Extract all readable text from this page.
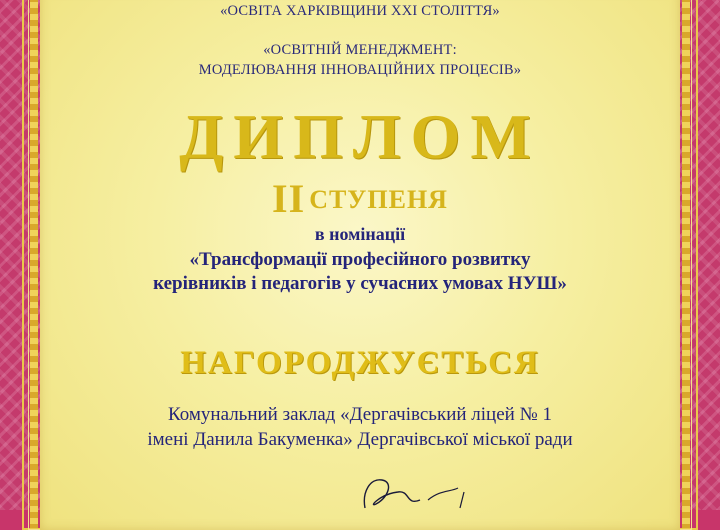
«ОСВІТА ХАРКІВЩИНИ ХХІ СТОЛІТТЯ»
«ОСВІТНІЙ МЕНЕДЖМЕНТ:
МОДЕЛЮВАННЯ ІННОВАЦІЙНИХ ПРОЦЕСІВ»
ДИПЛОМ
II СТУПЕНЯ
в номінації
«Трансформації професійного розвитку
керівників і педагогів у сучасних умовах НУШ»
НАГОРОДЖУЄТЬСЯ
Комунальний заклад «Дергачівський ліцей № 1
імені Данила Бакуменка» Дергачівської міської ради
